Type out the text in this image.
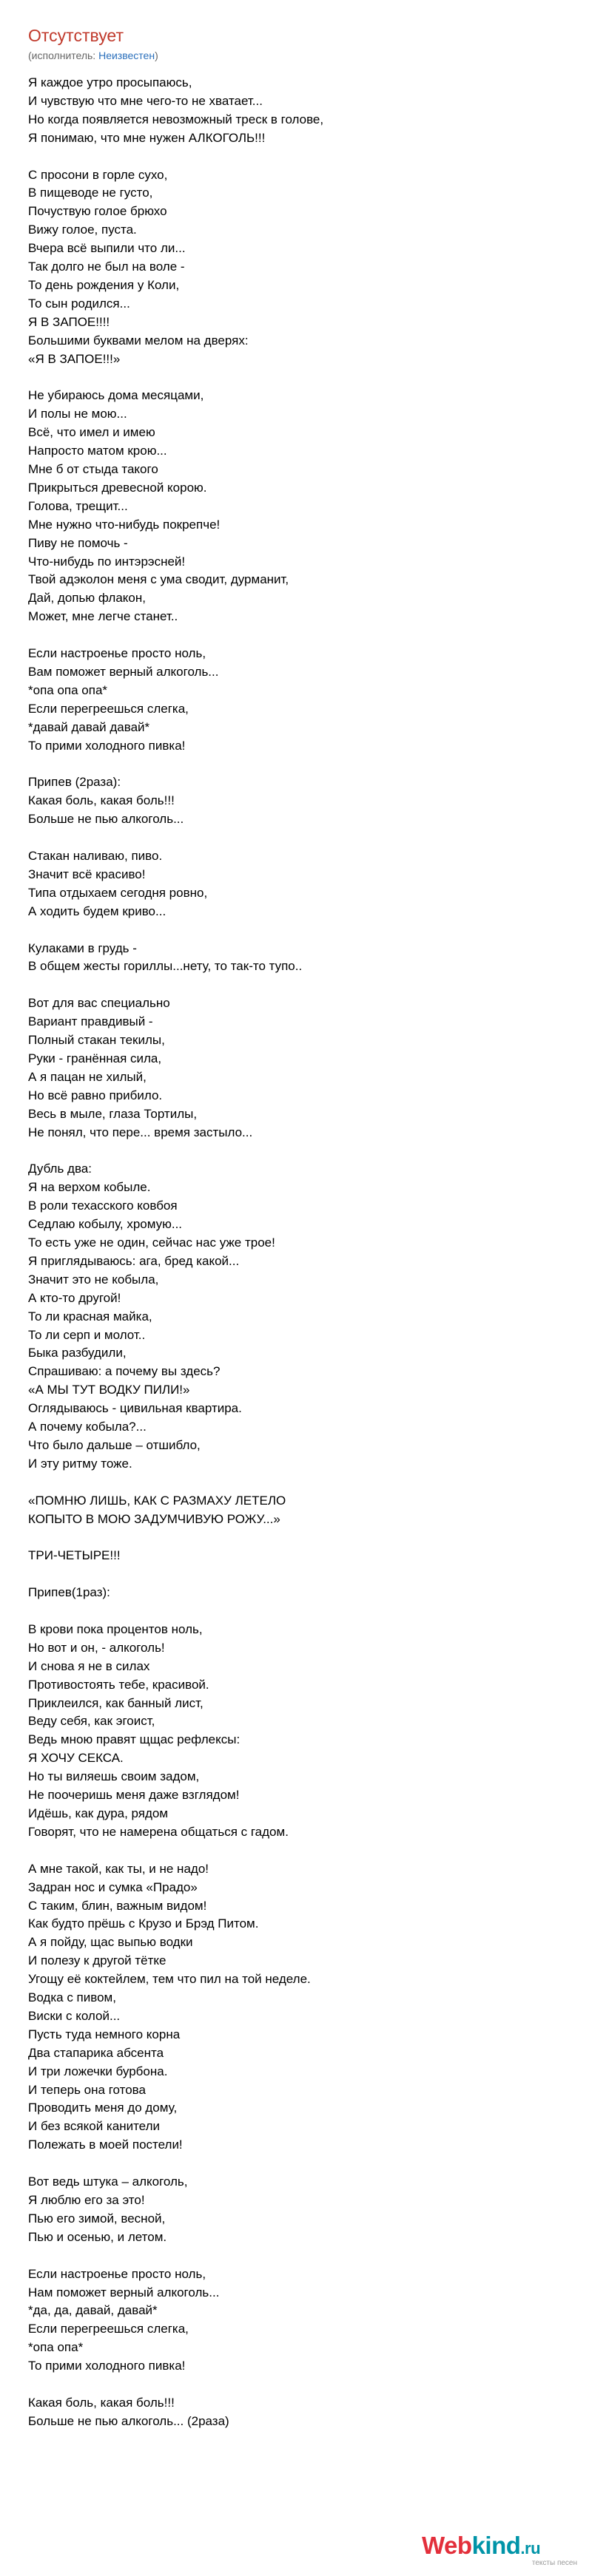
Отсутствует
(исполнитель: Неизвестен)
Я каждое утро просыпаюсь,
И чувствую что мне чего-то не хватает...
Но когда появляется невозможный треск в голове,
Я понимаю, что мне нужен АЛКОГОЛЬ!!!
С просони в горле сухо,
В пищеводе не густо,
Почуствую голое брюхо
Вижу голое, пуста.
Вчера всё выпили что ли...
Так долго не был на воле -
То день рождения у Коли,
То сын родился...
Я В ЗАПОЕ!!!!
Большими буквами мелом на дверях:
«Я В ЗАПОЕ!!!»
Не убираюсь дома месяцами,
И полы не мою...
Всё, что имел и имею
Напросто матом крою...
Мне б от стыда такого
Прикрыться древесной корою.
Голова, трещит...
Мне нужно что-нибудь покрепче!
Пиву не помочь -
Что-нибудь по интэрэсней!
Твой адэколон меня с ума сводит, дурманит,
Дай, допью флакон,
Может, мне легче станет..
Если настроенье просто ноль,
Вам поможет верный алкоголь...
*опа опа опа*
Если перегреешься слегка,
*давай давай давай*
То прими холодного пивка!
Припев (2раза):
Какая боль, какая боль!!!
Больше не пью алкоголь...
Стакан наливаю, пиво.
Значит всё красиво!
Типа отдыхаем сегодня ровно,
А ходить будем криво...
Кулаками в грудь -
В общем жесты гориллы...нету, то так-то тупо..
Вот для вас специально
Вариант правдивый -
Полный стакан текилы,
Руки - гранённая сила,
А я пацан не хилый,
Но всё равно прибило.
Весь в мыле, глаза Тортилы,
Не понял, что пере... время застыло...
Дубль два:
Я на верхом кобыле.
В роли техасского ковбоя
Седлаю кобылу, хромую...
То есть уже не один, сейчас нас уже трое!
Я приглядываюсь: ага, бред какой...
Значит это не кобыла,
А кто-то другой!
То ли красная майка,
То ли серп и молот..
Быка разбудили,
Спрашиваю: а почему вы здесь?
«А МЫ ТУТ ВОДКУ ПИЛИ!»
Оглядываюсь - цивильная квартира.
А почему кобыла?...
Что было дальше – отшибло,
И эту ритму тоже.
«ПОМНЮ ЛИШЬ, КАК С РАЗМАХУ ЛЕТЕЛО
КОПЫТО В МОЮ ЗАДУМЧИВУЮ РОЖУ...»
ТРИ-ЧЕТЫРЕ!!!
Припев(1раз):
В крови пока процентов ноль,
Но вот и он, - алкоголь!
И снова я не в силах
Противостоять тебе, красивой.
Приклеился, как банный лист,
Веду себя, как эгоист,
Ведь мною правят щщас рефлексы:
Я ХОЧУ СЕКСА.
Но ты виляешь своим задом,
Не поочеришь меня даже взглядом!
Идёшь, как дура, рядом
Говорят, что не намерена общаться с гадом.
А мне такой, как ты, и не надо!
Задран нос и сумка «Прадо»
С таким, блин, важным видом!
Как будто прёшь с Крузо и Брэд Питом.
А я пойду, щас выпью водки
И полезу к другой тётке
Угощу её коктейлем, тем что пил на той неделе.
Водка с пивом,
Виски с колой...
Пусть туда немного корна
Два стапарика абсента
И три ложечки бурбона.
И теперь она готова
Проводить меня до дому,
И без всякой канители
Полежать в моей постели!
Вот ведь штука – алкоголь,
Я люблю его за это!
Пью его зимой, весной,
Пью и осенью, и летом.
Если настроенье просто ноль,
Нам поможет верный алкоголь...
*да, да, давай, давай*
Если перегреешься слегка,
*опа опа*
То прими холодного пивка!
Какая боль, какая боль!!!
Больше не пью алкоголь... (2раза)
Webkind.ru
тексты песен
